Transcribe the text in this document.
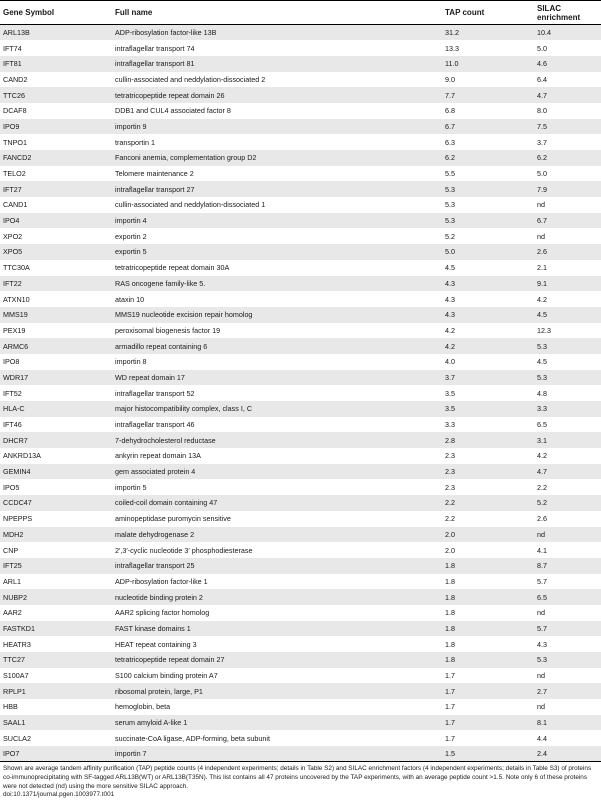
Gene Symbol	Full name	TAP count	SILAC enrichment
ARL13B	ADP-ribosylation factor-like 13B	31.2	10.4
IFT74	intraflagellar transport 74	13.3	5.0
IFT81	intraflagellar transport 81	11.0	4.6
CAND2	cullin-associated and neddylation-dissociated 2	9.0	6.4
TTC26	tetratricopeptide repeat domain 26	7.7	4.7
DCAF8	DDB1 and CUL4 associated factor 8	6.8	8.0
IPO9	importin 9	6.7	7.5
TNPO1	transportin 1	6.3	3.7
FANCD2	Fanconi anemia, complementation group D2	6.2	6.2
TELO2	Telomere maintenance 2	5.5	5.0
IFT27	intraflagellar transport 27	5.3	7.9
CAND1	cullin-associated and neddylation-dissociated 1	5.3	nd
IPO4	importin 4	5.3	6.7
XPO2	exportin 2	5.2	nd
XPO5	exportin 5	5.0	2.6
TTC30A	tetratricopeptide repeat domain 30A	4.5	2.1
IFT22	RAS oncogene family-like 5.	4.3	9.1
ATXN10	ataxin 10	4.3	4.2
MMS19	MMS19 nucleotide excision repair homolog	4.3	4.5
PEX19	peroxisomal biogenesis factor 19	4.2	12.3
ARMC6	armadillo repeat containing 6	4.2	5.3
IPO8	importin 8	4.0	4.5
WDR17	WD repeat domain 17	3.7	5.3
IFT52	intraflagellar transport 52	3.5	4.8
HLA-C	major histocompatibility complex, class I, C	3.5	3.3
IFT46	intraflagellar transport 46	3.3	6.5
DHCR7	7-dehydrocholesterol reductase	2.8	3.1
ANKRD13A	ankyrin repeat domain 13A	2.3	4.2
GEMIN4	gem associated protein 4	2.3	4.7
IPO5	importin 5	2.3	2.2
CCDC47	coiled-coil domain containing 47	2.2	5.2
NPEPPS	aminopeptidase puromycin sensitive	2.2	2.6
MDH2	malate dehydrogenase 2	2.0	nd
CNP	2′,3′-cyclic nucleotide 3′ phosphodiesterase	2.0	4.1
IFT25	intraflagellar transport 25	1.8	8.7
ARL1	ADP-ribosylation factor-like 1	1.8	5.7
NUBP2	nucleotide binding protein 2	1.8	6.5
AAR2	AAR2 splicing factor homolog	1.8	nd
FASTKD1	FAST kinase domains 1	1.8	5.7
HEATR3	HEAT repeat containing 3	1.8	4.3
TTC27	tetratricopeptide repeat domain 27	1.8	5.3
S100A7	S100 calcium binding protein A7	1.7	nd
RPLP1	ribosomal protein, large, P1	1.7	2.7
HBB	hemoglobin, beta	1.7	nd
SAAL1	serum amyloid A-like 1	1.7	8.1
SUCLA2	succinate-CoA ligase, ADP-forming, beta subunit	1.7	4.4
IPO7	importin 7	1.5	2.4
Shown are average tandem affinity purification (TAP) peptide counts (4 independent experiments; details in Table S2) and SILAC enrichment factors (4 independent experiments; details in Table S3) of proteins co-immunoprecipitating with SF-tagged ARL13B(WT) or ARL13B(T35N). This list contains all 47 proteins uncovered by the TAP experiments, with an average peptide count >1.5. Note only 6 of these proteins were not detected (nd) using the more sensitive SILAC approach.
doi:10.1371/journal.pgen.1003977.t001
